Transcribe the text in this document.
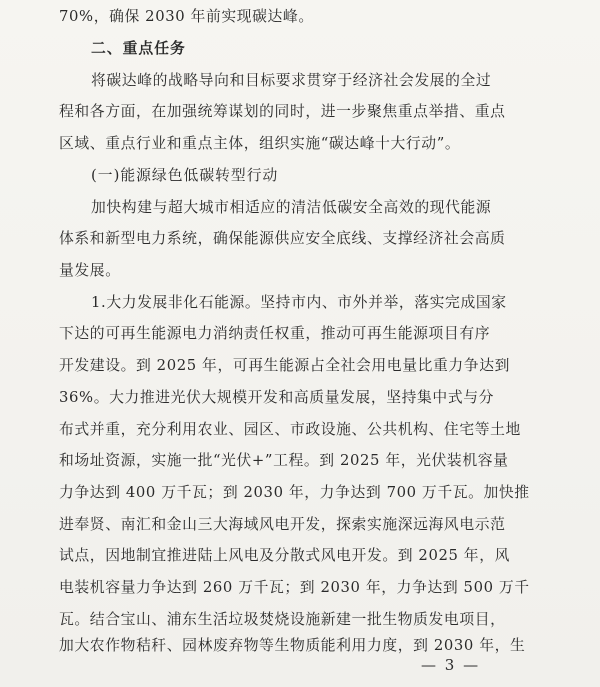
70%，确保 2030 年前实现碳达峰。

二、重点任务

将碳达峰的战略导向和目标要求贯穿于经济社会发展的全过

程和各方面，在加强统筹谋划的同时，进一步聚焦重点举措、重点

区域、重点行业和重点主体，组织实施“碳达峰十大行动”。

(一)能源绿色低碳转型行动

加快构建与超大城市相适应的清洁低碳安全高效的现代能源

体系和新型电力系统，确保能源供应安全底线、支撑经济社会高质

量发展。

1.大力发展非化石能源。坚持市内、市外并举，落实完成国家

下达的可再生能源电力消纳责任权重，推动可再生能源项目有序

开发建设。到 2025 年，可再生能源占全社会用电量比重力争达到

36%。大力推进光伏大规模开发和高质量发展，坚持集中式与分

布式并重，充分利用农业、园区、市政设施、公共机构、住宅等土地

和场址资源，实施一批“光伏+”工程。到 2025 年，光伏装机容量

力争达到 400 万千瓦；到 2030 年，力争达到 700 万千瓦。加快推

进奉贤、南汇和金山三大海域风电开发，探索实施深远海风电示范

试点，因地制宜推进陆上风电及分散式风电开发。到 2025 年，风

电装机容量力争达到 260 万千瓦；到 2030 年，力争达到 500 万千

瓦。结合宝山、浦东生活垃圾焚烧设施新建一批生物质发电项目，

加大农作物秸秆、园林废弃物等生物质能利用力度，到 2030 年，生

— 3 —
